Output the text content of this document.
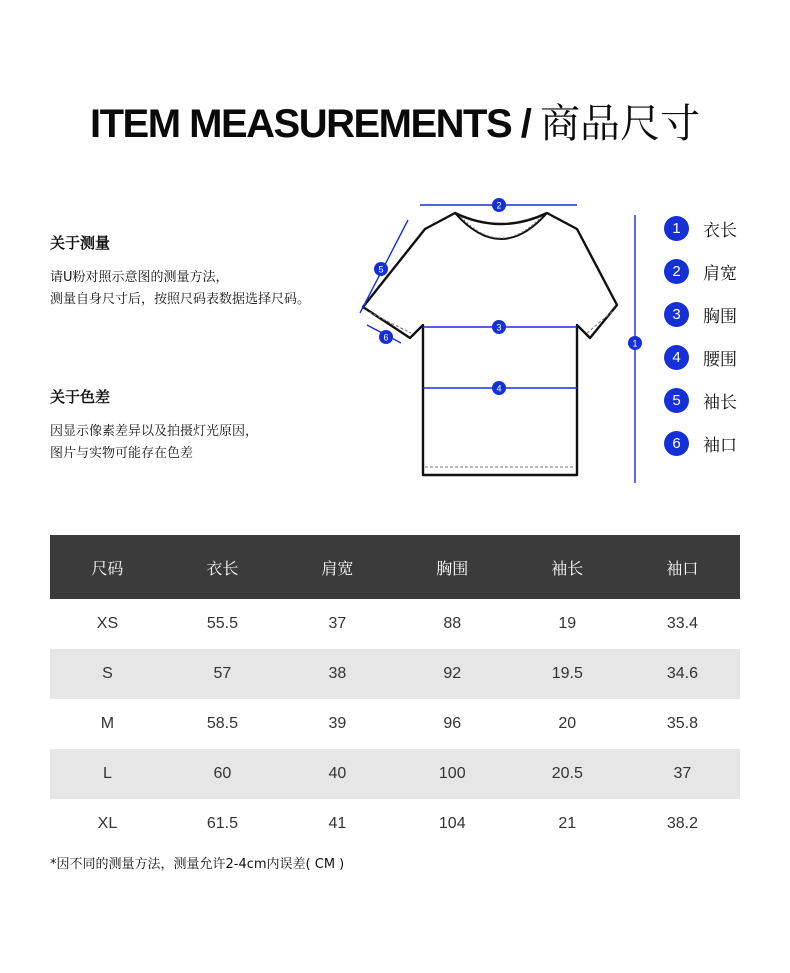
ITEM MEASUREMENTS / 商品尺寸
关于测量

请U粉对照示意图的测量方法，

测量自身尺寸后，按照尺码表数据选择尺码。

关于色差

因显示像素差异以及拍摄灯光原因，

图片与实物可能存在色差

2
3
4
1
5
6
1	衣长
2	肩宽
3	胸围
4	腰围
5	袖长
6	袖口
尺码	衣长	肩宽	胸围	袖长	袖口
XS	55.5	37	88	19	33.4
S	57	38	92	19.5	34.6
M	58.5	39	96	20	35.8
L	60	40	100	20.5	37
XL	61.5	41	104	21	38.2
*因不同的测量方法，测量允许2-4cm内误差( CM )
